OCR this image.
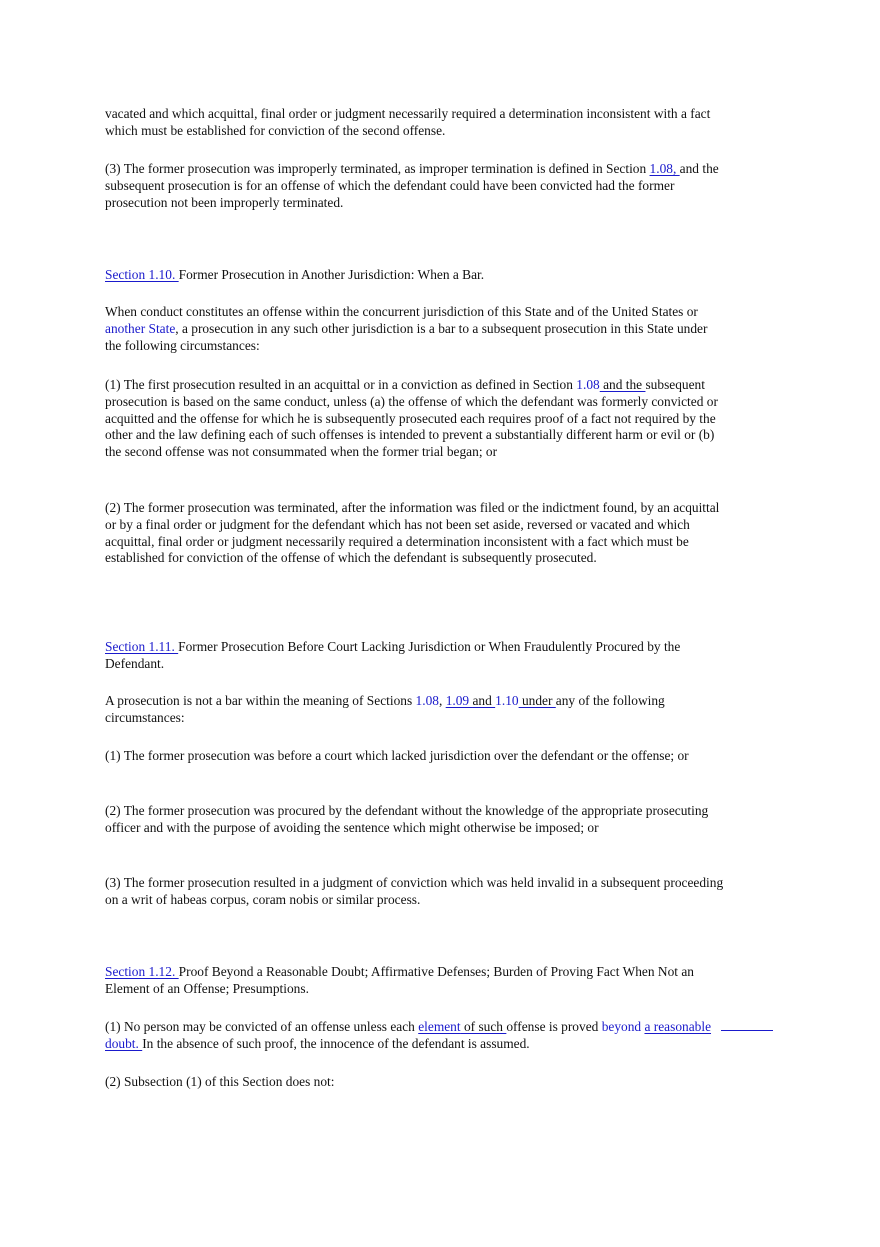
vacated and which acquittal, final order or judgment necessarily required a determination inconsistent with a fact which must be established for conviction of the second offense.

(3) The former prosecution was improperly terminated, as improper termination is defined in Section 1.08, and the subsequent prosecution is for an offense of which the defendant could have been convicted had the former prosecution not been improperly terminated.

Section 1.10. Former Prosecution in Another Jurisdiction: When a Bar.

When conduct constitutes an offense within the concurrent jurisdiction of this State and of the United States or another State, a prosecution in any such other jurisdiction is a bar to a subsequent prosecution in this State under the following circumstances:

(1) The first prosecution resulted in an acquittal or in a conviction as defined in Section 1.08 and the subsequent prosecution is based on the same conduct, unless (a) the offense of which the defendant was formerly convicted or acquitted and the offense for which he is subsequently prosecuted each requires proof of a fact not required by the other and the law defining each of such offenses is intended to prevent a substantially different harm or evil or (b) the second offense was not consummated when the former trial began; or

(2) The former prosecution was terminated, after the information was filed or the indictment found, by an acquittal or by a final order or judgment for the defendant which has not been set aside, reversed or vacated and which acquittal, final order or judgment necessarily required a determination inconsistent with a fact which must be established for conviction of the offense of which the defendant is subsequently prosecuted.

Section 1.11. Former Prosecution Before Court Lacking Jurisdiction or When Fraudulently Procured by the Defendant.

A prosecution is not a bar within the meaning of Sections 1.08, 1.09 and 1.10 under any of the following circumstances:

(1) The former prosecution was before a court which lacked jurisdiction over the defendant or the offense; or

(2) The former prosecution was procured by the defendant without the knowledge of the appropriate prosecuting officer and with the purpose of avoiding the sentence which might otherwise be imposed; or

(3) The former prosecution resulted in a judgment of conviction which was held invalid in a subsequent proceeding on a writ of habeas corpus, coram nobis or similar process.

Section 1.12. Proof Beyond a Reasonable Doubt; Affirmative Defenses; Burden of Proving Fact When Not an Element of an Offense; Presumptions.

(1) No person may be convicted of an offense unless each element of such offense is proved beyond a reasonable doubt. In the absence of such proof, the innocence of the defendant is assumed.

(2) Subsection (1) of this Section does not:
